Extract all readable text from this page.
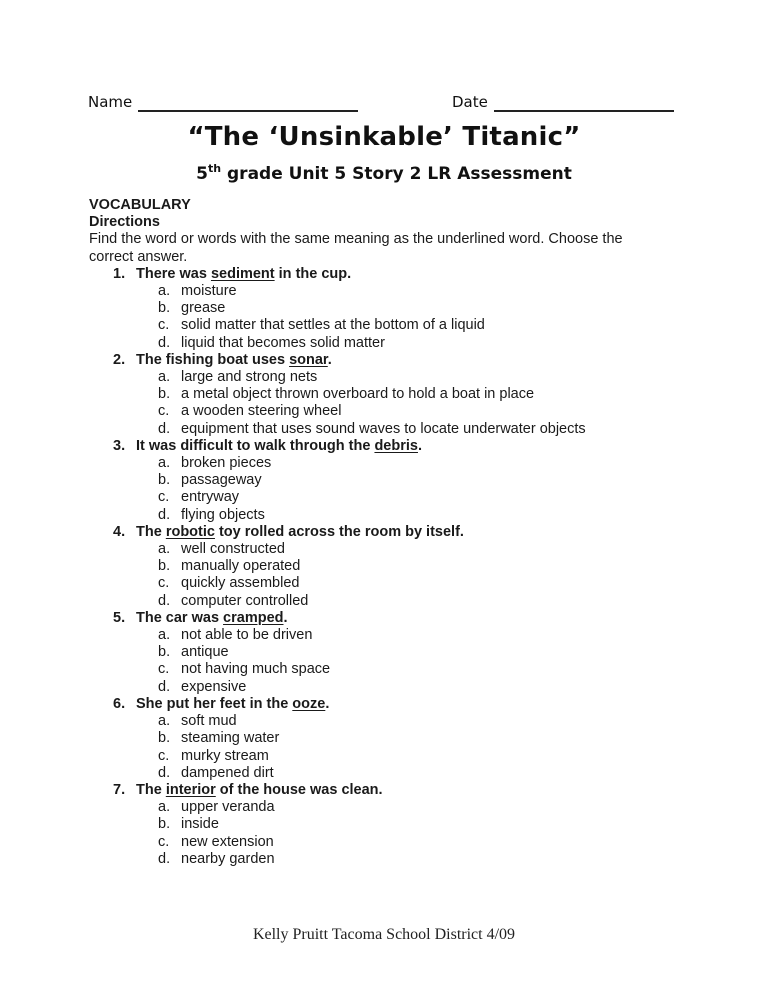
Name	Date
“The ‘Unsinkable’ Titanic”
5th grade Unit 5 Story 2 LR Assessment
VOCABULARY
Directions
Find the word or words with the same meaning as the underlined word. Choose the
correct answer.
1. There was sediment in the cup.
a. moisture
b. grease
c. solid matter that settles at the bottom of a liquid
d. liquid that becomes solid matter
2. The fishing boat uses sonar.
a. large and strong nets
b. a metal object thrown overboard to hold a boat in place
c. a wooden steering wheel
d. equipment that uses sound waves to locate underwater objects
3. It was difficult to walk through the debris.
a. broken pieces
b. passageway
c. entryway
d. flying objects
4. The robotic toy rolled across the room by itself.
a. well constructed
b. manually operated
c. quickly assembled
d. computer controlled
5. The car was cramped.
a. not able to be driven
b. antique
c. not having much space
d. expensive
6. She put her feet in the ooze.
a. soft mud
b. steaming water
c. murky stream
d. dampened dirt
7. The interior of the house was clean.
a. upper veranda
b. inside
c. new extension
d. nearby garden
Kelly Pruitt Tacoma School District 4/09
